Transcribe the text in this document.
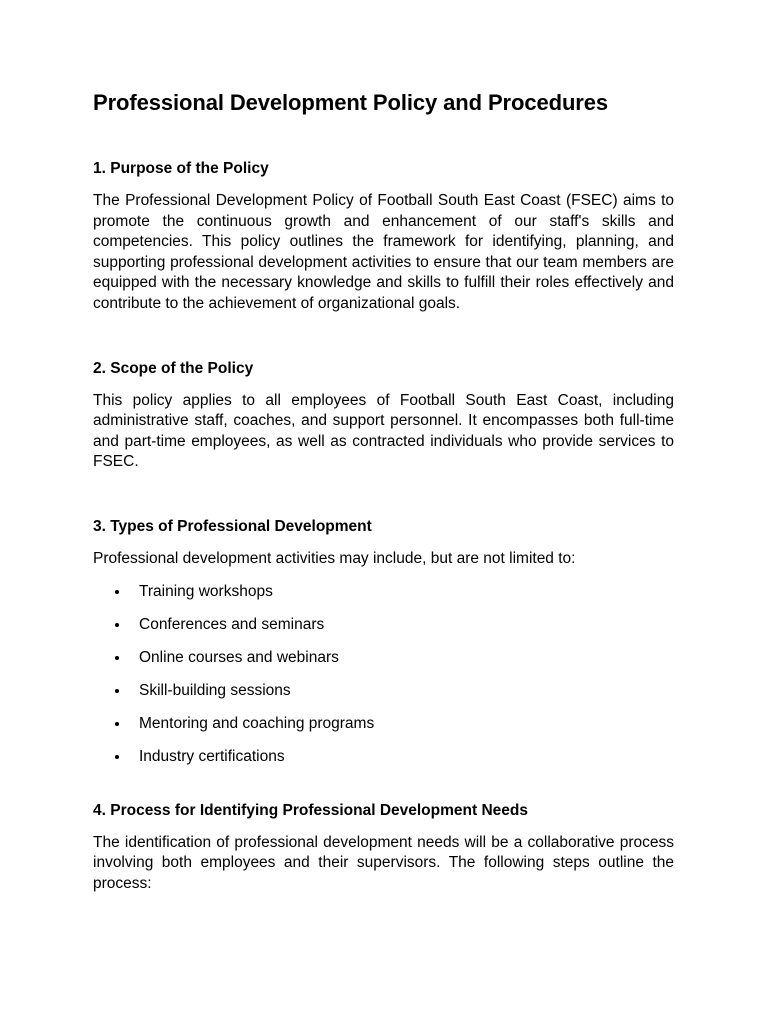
Professional Development Policy and Procedures
1. Purpose of the Policy

The Professional Development Policy of Football South East Coast (FSEC) aims to promote the continuous growth and enhancement of our staff's skills and competencies. This policy outlines the framework for identifying, planning, and supporting professional development activities to ensure that our team members are equipped with the necessary knowledge and skills to fulfill their roles effectively and contribute to the achievement of organizational goals.

2. Scope of the Policy

This policy applies to all employees of Football South East Coast, including administrative staff, coaches, and support personnel. It encompasses both full-time and part-time employees, as well as contracted individuals who provide services to FSEC.

3. Types of Professional Development

Professional development activities may include, but are not limited to:

Training workshops
Conferences and seminars
Online courses and webinars
Skill-building sessions
Mentoring and coaching programs
Industry certifications
4. Process for Identifying Professional Development Needs

The identification of professional development needs will be a collaborative process involving both employees and their supervisors. The following steps outline the process:
